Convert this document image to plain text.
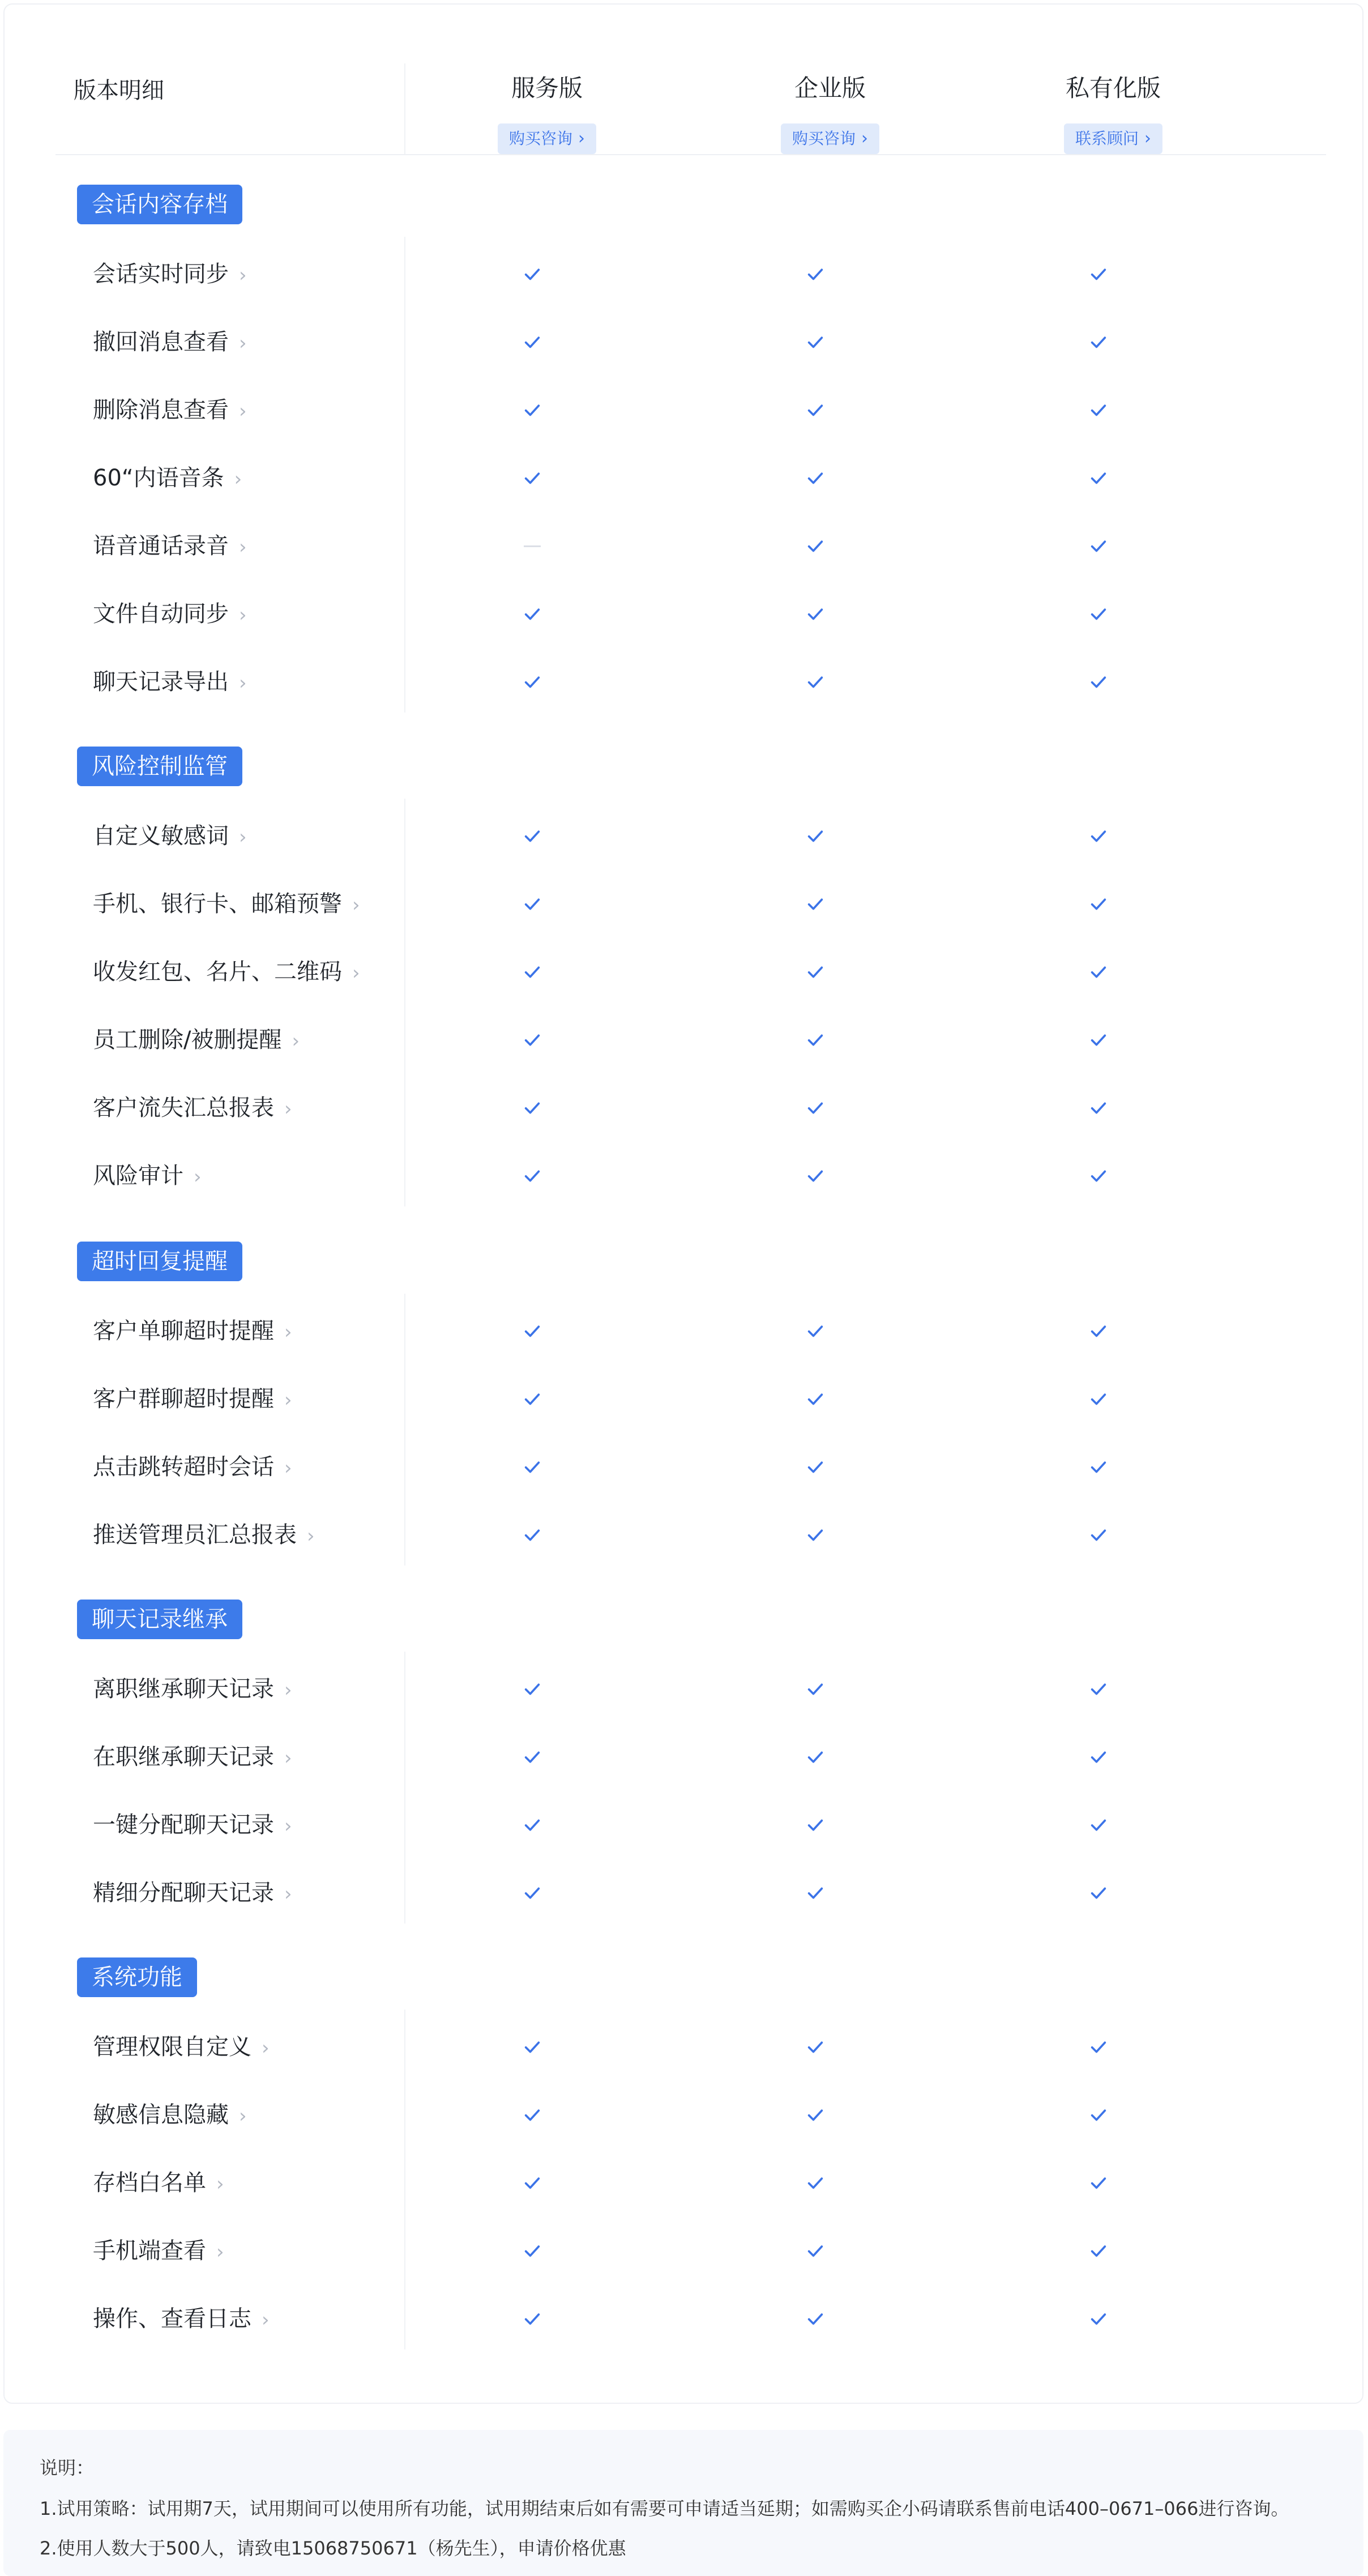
版本明细	服务版
购买咨询 ›
企业版
购买咨询 ›
私有化版
联系顾问 ›
会话内容存档
会话实时同步 ›
撤回消息查看 ›
删除消息查看 ›
60“内语音条 ›
语音通话录音 ›
文件自动同步 ›
聊天记录导出 ›
风险控制监管
自定义敏感词 ›
手机、银行卡、邮箱预警 ›
收发红包、名片、二维码 ›
员工删除/被删提醒 ›
客户流失汇总报表 ›
风险审计 ›
超时回复提醒
客户单聊超时提醒 ›
客户群聊超时提醒 ›
点击跳转超时会话 ›
推送管理员汇总报表 ›
聊天记录继承
离职继承聊天记录 ›
在职继承聊天记录 ›
一键分配聊天记录 ›
精细分配聊天记录 ›
系统功能
管理权限自定义 ›
敏感信息隐藏 ›
存档白名单 ›
手机端查看 ›
操作、查看日志 ›
说明：
1.试用策略：试用期7天，试用期间可以使用所有功能，试用期结束后如有需要可申请适当延期；如需购买企小码请联系售前电话400–0671–066进行咨询。
2.使用人数大于500人，请致电15068750671（杨先生），申请价格优惠
